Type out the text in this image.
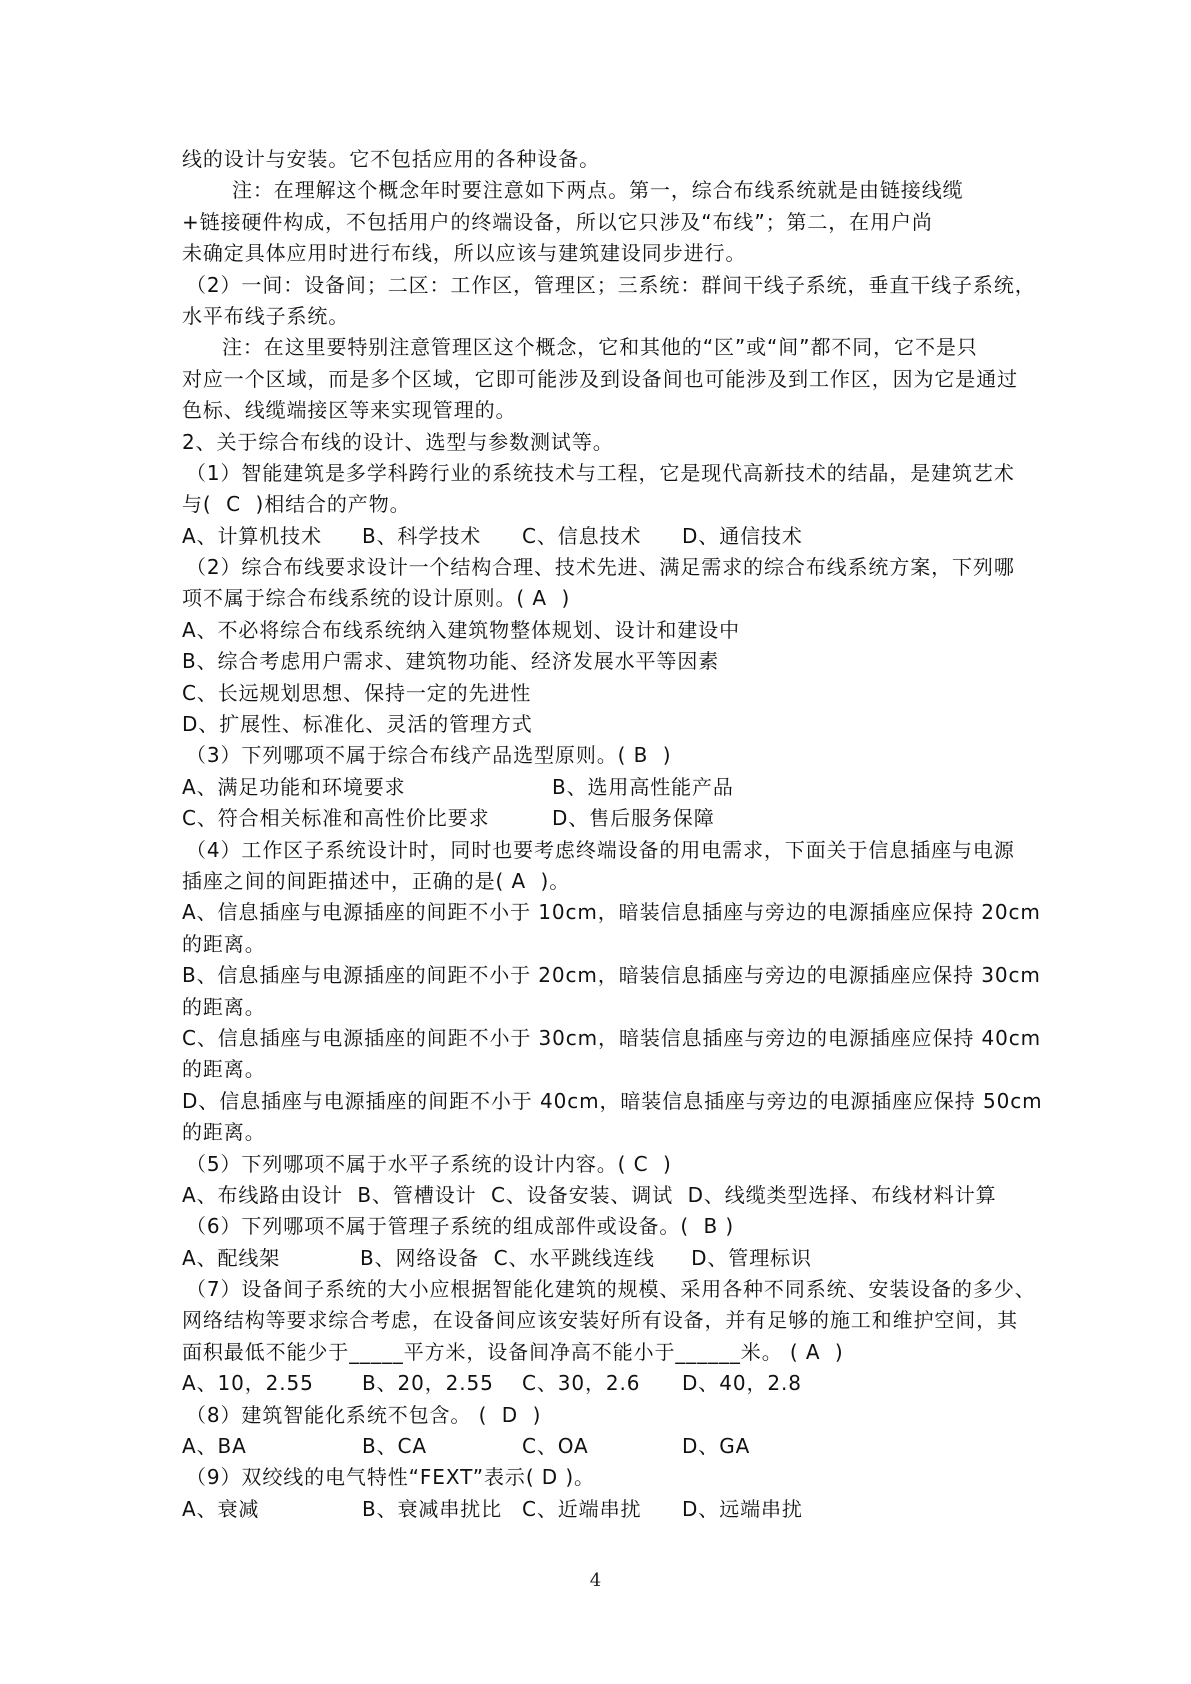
线的设计与安装。它不包括应用的各种设备。
注：在理解这个概念年时要注意如下两点。第一，综合布线系统就是由链接线缆
+链接硬件构成，不包括用户的终端设备，所以它只涉及“布线”；第二，在用户尚
未确定具体应用时进行布线，所以应该与建筑建设同步进行。
（2）一间：设备间；二区：工作区，管理区；三系统：群间干线子系统，垂直干线子系统，
水平布线子系统。
注：在这里要特别注意管理区这个概念，它和其他的“区”或“间”都不同，它不是只
对应一个区域，而是多个区域，它即可能涉及到设备间也可能涉及到工作区，因为它是通过
色标、线缆端接区等来实现管理的。
2、关于综合布线的设计、选型与参数测试等。
（1）智能建筑是多学科跨行业的系统技术与工程，它是现代高新技术的结晶，是建筑艺术
与(  C  )相结合的产物。
A、计算机技术	B、科学技术	C、信息技术	D、通信技术
（2）综合布线要求设计一个结构合理、技术先进、满足需求的综合布线系统方案，下列哪
项不属于综合布线系统的设计原则。( A  )
A、不必将综合布线系统纳入建筑物整体规划、设计和建设中
B、综合考虑用户需求、建筑物功能、经济发展水平等因素
C、长远规划思想、保持一定的先进性
D、扩展性、标准化、灵活的管理方式
（3）下列哪项不属于综合布线产品选型原则。( B  )
A、满足功能和环境要求	B、选用高性能产品
C、符合相关标准和高性价比要求	D、售后服务保障
（4）工作区子系统设计时，同时也要考虑终端设备的用电需求，下面关于信息插座与电源
插座之间的间距描述中，正确的是( A  )。
A、信息插座与电源插座的间距不小于 10cm，暗装信息插座与旁边的电源插座应保持 20cm
的距离。
B、信息插座与电源插座的间距不小于 20cm，暗装信息插座与旁边的电源插座应保持 30cm
的距离。
C、信息插座与电源插座的间距不小于 30cm，暗装信息插座与旁边的电源插座应保持 40cm
的距离。
D、信息插座与电源插座的间距不小于 40cm，暗装信息插座与旁边的电源插座应保持 50cm
的距离。
（5）下列哪项不属于水平子系统的设计内容。( C  )
A、布线路由设计  B、管槽设计  C、设备安装、调试  D、线缆类型选择、布线材料计算
（6）下列哪项不属于管理子系统的组成部件或设备。(  B )
A、配线架           B、网络设备  C、水平跳线连线     D、管理标识
（7）设备间子系统的大小应根据智能化建筑的规模、采用各种不同系统、安装设备的多少、
网络结构等要求综合考虑，在设备间应该安装好所有设备，并有足够的施工和维护空间，其
面积最低不能少于_____平方米，设备间净高不能小于______米。 ( A  )
A、10，2.55	B、20，2.55	C、30，2.6	D、40，2.8
（8）建筑智能化系统不包含。 (  D  )
A、BA	B、CA	C、OA	D、GA
（9）双绞线的电气特性“FEXT”表示( D )。
A、衰减	B、衰减串扰比 C、近端串扰	D、远端串扰
4
